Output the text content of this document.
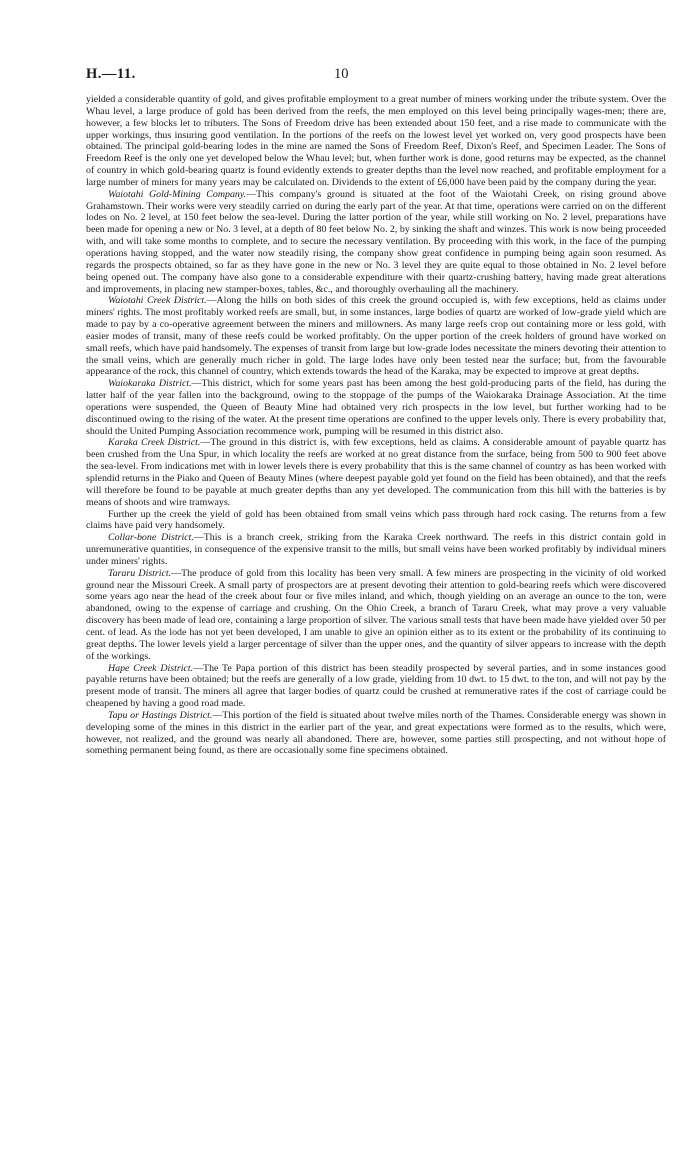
H.—11.	10

yielded a considerable quantity of gold, and gives profitable employment to a great number of miners working under the tribute system. Over the Whau level, a large produce of gold has been derived from the reefs, the men employed on this level being principally wages-men; there are, however, a few blocks let to tributers. The Sons of Freedom drive has been extended about 150 feet, and a rise made to communicate with the upper workings, thus insuring good ventilation. In the portions of the reefs on the lowest level yet worked on, very good prospects have been obtained. The principal gold-bearing lodes in the mine are named the Sons of Freedom Reef, Dixon's Reef, and Specimen Leader. The Sons of Freedom Reef is the only one yet developed below the Whau level; but, when further work is done, good returns may be expected, as the channel of country in which gold-bearing quartz is found evidently extends to greater depths than the level now reached, and profitable employment for a large number of miners for many years may be calculated on. Dividends to the extent of £6,000 have been paid by the company during the year.

Waiotahi Gold-Mining Company.—This company's ground is situated at the foot of the Waiotahi Creek, on rising ground above Grahamstown. Their works were very steadily carried on during the early part of the year. At that time, operations were carried on on the different lodes on No. 2 level, at 150 feet below the sea-level. During the latter portion of the year, while still working on No. 2 level, preparations have been made for opening a new or No. 3 level, at a depth of 80 feet below No. 2, by sinking the shaft and winzes. This work is now being proceeded with, and will take some months to complete, and to secure the necessary ventilation. By proceeding with this work, in the face of the pumping operations having stopped, and the water now steadily rising, the company show great confidence in pumping being again soon resumed. As regards the prospects obtained, so far as they have gone in the new or No. 3 level they are quite equal to those obtained in No. 2 level before being opened out. The company have also gone to a considerable expenditure with their quartz-crushing battery, having made great alterations and improvements, in placing new stamper-boxes, tables, &c., and thoroughly overhauling all the machinery.

Waiotahi Creek District.—Along the hills on both sides of this creek the ground occupied is, with few exceptions, held as claims under miners' rights. The most profitably worked reefs are small, but, in some instances, large bodies of quartz are worked of low-grade yield which are made to pay by a co-operative agreement between the miners and millowners. As many large reefs crop out containing more or less gold, with easier modes of transit, many of these reefs could be worked profitably. On the upper portion of the creek holders of ground have worked on small reefs, which have paid handsomely. The expenses of transit from large but low-grade lodes necessitate the miners devoting their attention to the small veins, which are generally much richer in gold. The large lodes have only been tested near the surface; but, from the favourable appearance of the rock, this channel of country, which extends towards the head of the Karaka, may be expected to improve at great depths.

Waiokaraka District.—This district, which for some years past has been among the best gold-producing parts of the field, has during the latter half of the year fallen into the background, owing to the stoppage of the pumps of the Waiokaraka Drainage Association. At the time operations were suspended, the Queen of Beauty Mine had obtained very rich prospects in the low level, but further working had to be discontinued owing to the rising of the water. At the present time operations are confined to the upper levels only. There is every probability that, should the United Pumping Association recommence work, pumping will be resumed in this district also.

Karaka Creek District.—The ground in this district is, with few exceptions, held as claims. A considerable amount of payable quartz has been crushed from the Una Spur, in which locality the reefs are worked at no great distance from the surface, being from 500 to 900 feet above the sea-level. From indications met with in lower levels there is every probability that this is the same channel of country as has been worked with splendid returns in the Piako and Queen of Beauty Mines (where deepest payable gold yet found on the field has been obtained), and that the reefs will therefore be found to be payable at much greater depths than any yet developed. The communication from this hill with the batteries is by means of shoots and wire tramways.

Further up the creek the yield of gold has been obtained from small veins which pass through hard rock casing. The returns from a few claims have paid very handsomely.

Collar-bone District.—This is a branch creek, striking from the Karaka Creek northward. The reefs in this district contain gold in unremunerative quantities, in consequence of the expensive transit to the mills, but small veins have been worked profitably by individual miners under miners' rights.

Tararu District.—The produce of gold from this locality has been very small. A few miners are prospecting in the vicinity of old worked ground near the Missouri Creek. A small party of prospectors are at present devoting their attention to gold-bearing reefs which were discovered some years ago near the head of the creek about four or five miles inland, and which, though yielding on an average an ounce to the ton, were abandoned, owing to the expense of carriage and crushing. On the Ohio Creek, a branch of Tararu Creek, what may prove a very valuable discovery has been made of lead ore, containing a large proportion of silver. The various small tests that have been made have yielded over 50 per cent. of lead. As the lode has not yet been developed, I am unable to give an opinion either as to its extent or the probability of its continuing to great depths. The lower levels yield a larger percentage of silver than the upper ones, and the quantity of silver appears to increase with the depth of the workings.

Hape Creek District.—The Te Papa portion of this district has been steadily prospected by several parties, and in some instances good payable returns have been obtained; but the reefs are generally of a low grade, yielding from 10 dwt. to 15 dwt. to the ton, and will not pay by the present mode of transit. The miners all agree that larger bodies of quartz could be crushed at remunerative rates if the cost of carriage could be cheapened by having a good road made.

Tapu or Hastings District.—This portion of the field is situated about twelve miles north of the Thames. Considerable energy was shown in developing some of the mines in this district in the earlier part of the year, and great expectations were formed as to the results, which were, however, not realized, and the ground was nearly all abandoned. There are, however, some parties still prospecting, and not without hope of something permanent being found, as there are occasionally some fine specimens obtained.
